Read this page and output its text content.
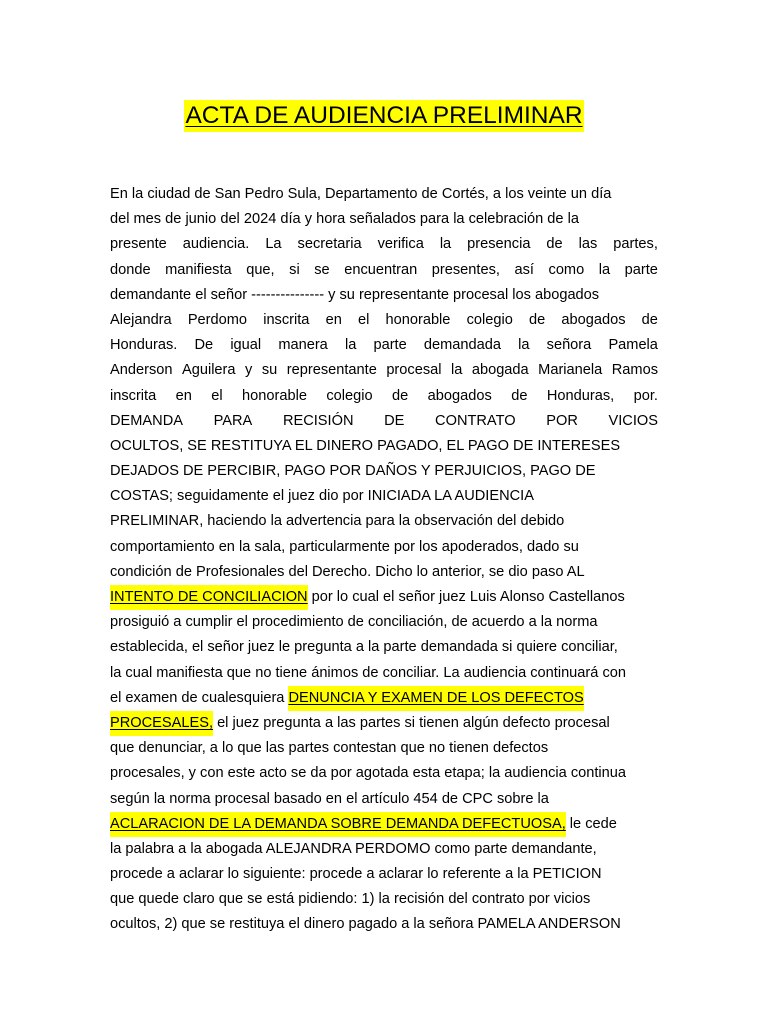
ACTA DE AUDIENCIA PRELIMINAR
En la ciudad de San Pedro Sula, Departamento de Cortés, a los veinte un día
del mes de junio del 2024 día y hora señalados para la celebración de la
presente audiencia. La secretaria verifica la presencia de las partes,
donde manifiesta que, si se encuentran presentes, así como la parte
demandante el señor --------------- y su representante procesal los abogados
Alejandra Perdomo inscrita en el honorable colegio de abogados de
Honduras. De igual manera la parte demandada la señora Pamela
Anderson Aguilera y su representante procesal la abogada Marianela Ramos
inscrita en el honorable colegio de abogados de Honduras, por.
DEMANDA PARA RECISIÓN DE CONTRATO POR VICIOS
OCULTOS, SE RESTITUYA EL DINERO PAGADO, EL PAGO DE INTERESES
DEJADOS DE PERCIBIR, PAGO POR DAÑOS Y PERJUICIOS, PAGO DE
COSTAS; seguidamente el juez dio por INICIADA LA AUDIENCIA
PRELIMINAR, haciendo la advertencia para la observación del debido
comportamiento en la sala, particularmente por los apoderados, dado su
condición de Profesionales del Derecho. Dicho lo anterior, se dio paso AL
INTENTO DE CONCILIACION por lo cual el señor juez Luis Alonso Castellanos
prosiguió a cumplir el procedimiento de conciliación, de acuerdo a la norma
establecida, el señor juez le pregunta a la parte demandada si quiere conciliar,
la cual manifiesta que no tiene ánimos de conciliar. La audiencia continuará con
el examen de cualesquiera DENUNCIA Y EXAMEN DE LOS DEFECTOS
PROCESALES, el juez pregunta a las partes si tienen algún defecto procesal
que denunciar, a lo que las partes contestan que no tienen defectos
procesales, y con este acto se da por agotada esta etapa; la audiencia continua
según la norma procesal basado en el artículo 454 de CPC sobre la
ACLARACION DE LA DEMANDA SOBRE DEMANDA DEFECTUOSA, le cede
la palabra a la abogada ALEJANDRA PERDOMO como parte demandante,
procede a aclarar lo siguiente: procede a aclarar lo referente a la PETICION
que quede claro que se está pidiendo: 1) la recisión del contrato por vicios
ocultos, 2) que se restituya el dinero pagado a la señora PAMELA ANDERSON
